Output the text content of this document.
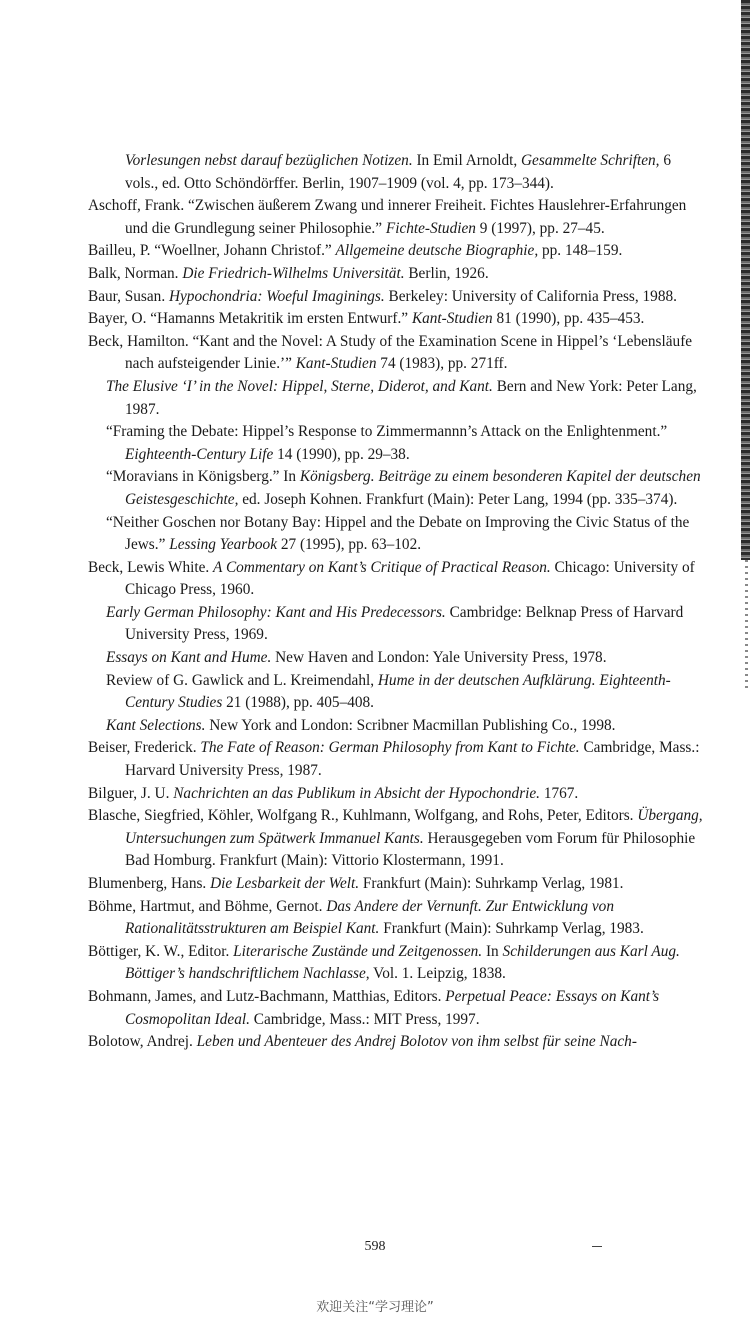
Vorlesungen nebst darauf bezüglichen Notizen. In Emil Arnoldt, Gesammelte Schriften, 6 vols., ed. Otto Schöndörffer. Berlin, 1907–1909 (vol. 4, pp. 173–344).
Aschoff, Frank. “Zwischen äußerem Zwang und innerer Freiheit. Fichtes Hauslehrer-Erfahrungen und die Grundlegung seiner Philosophie.” Fichte-Studien 9 (1997), pp. 27–45.
Bailleu, P. “Woellner, Johann Christof.” Allgemeine deutsche Biographie, pp. 148–159.
Balk, Norman. Die Friedrich-Wilhelms Universität. Berlin, 1926.
Baur, Susan. Hypochondria: Woeful Imaginings. Berkeley: University of California Press, 1988.
Bayer, O. “Hamanns Metakritik im ersten Entwurf.” Kant-Studien 81 (1990), pp. 435–453.
Beck, Hamilton. “Kant and the Novel: A Study of the Examination Scene in Hippel’s ‘Lebensläufe nach aufsteigender Linie.’” Kant-Studien 74 (1983), pp. 271ff.
The Elusive ‘I’ in the Novel: Hippel, Sterne, Diderot, and Kant. Bern and New York: Peter Lang, 1987.
“Framing the Debate: Hippel’s Response to Zimmermannn’s Attack on the Enlightenment.” Eighteenth-Century Life 14 (1990), pp. 29–38.
“Moravians in Königsberg.” In Königsberg. Beiträge zu einem besonderen Kapitel der deutschen Geistesgeschichte, ed. Joseph Kohnen. Frankfurt (Main): Peter Lang, 1994 (pp. 335–374).
“Neither Goschen nor Botany Bay: Hippel and the Debate on Improving the Civic Status of the Jews.” Lessing Yearbook 27 (1995), pp. 63–102.
Beck, Lewis White. A Commentary on Kant’s Critique of Practical Reason. Chicago: University of Chicago Press, 1960.
Early German Philosophy: Kant and His Predecessors. Cambridge: Belknap Press of Harvard University Press, 1969.
Essays on Kant and Hume. New Haven and London: Yale University Press, 1978.
Review of G. Gawlick and L. Kreimendahl, Hume in der deutschen Aufklärung. Eighteenth-Century Studies 21 (1988), pp. 405–408.
Kant Selections. New York and London: Scribner Macmillan Publishing Co., 1998.
Beiser, Frederick. The Fate of Reason: German Philosophy from Kant to Fichte. Cambridge, Mass.: Harvard University Press, 1987.
Bilguer, J. U. Nachrichten an das Publikum in Absicht der Hypochondrie. 1767.
Blasche, Siegfried, Köhler, Wolfgang R., Kuhlmann, Wolfgang, and Rohs, Peter, Editors. Übergang, Untersuchungen zum Spätwerk Immanuel Kants. Herausgegeben vom Forum für Philosophie Bad Homburg. Frankfurt (Main): Vittorio Klostermann, 1991.
Blumenberg, Hans. Die Lesbarkeit der Welt. Frankfurt (Main): Suhrkamp Verlag, 1981.
Böhme, Hartmut, and Böhme, Gernot. Das Andere der Vernunft. Zur Entwicklung von Rationalitätsstrukturen am Beispiel Kant. Frankfurt (Main): Suhrkamp Verlag, 1983.
Böttiger, K. W., Editor. Literarische Zustände und Zeitgenossen. In Schilderungen aus Karl Aug. Böttiger’s handschriftlichem Nachlasse, Vol. 1. Leipzig, 1838.
Bohmann, James, and Lutz-Bachmann, Matthias, Editors. Perpetual Peace: Essays on Kant’s Cosmopolitan Ideal. Cambridge, Mass.: MIT Press, 1997.
Bolotow, Andrej. Leben und Abenteuer des Andrej Bolotov von ihm selbst für seine Nach-
598
欢迎关注“学习理论”
